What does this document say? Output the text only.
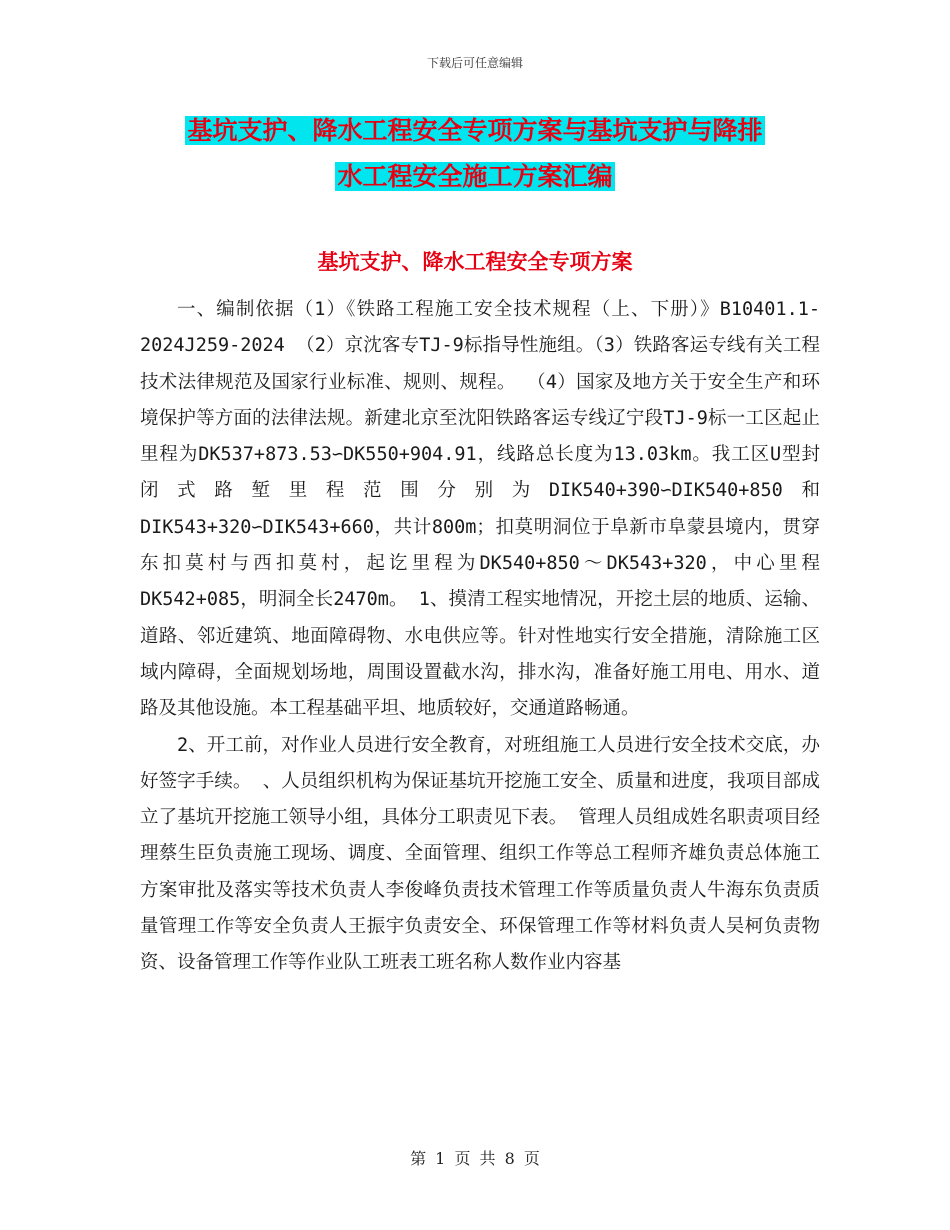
下载后可任意编辑
基坑支护、降水工程安全专项方案与基坑支护与降排
水工程安全施工方案汇编
基坑支护、降水工程安全专项方案

一、编制依据（1）《铁路工程施工安全技术规程（上、下册）》B10401.1-2024J259-2024 （2）京沈客专TJ-9标指导性施组。（3）铁路客运专线有关工程技术法律规范及国家行业标准、规则、规程。 （4）国家及地方关于安全生产和环境保护等方面的法律法规。新建北京至沈阳铁路客运专线辽宁段TJ-9标一工区起止里程为DK537+873.53∽DK550+904.91，线路总长度为13.03km。我工区U型封闭式路堑里程范围分别为DIK540+390∽DIK540+850和DIK543+320∽DIK543+660，共计800m；扣莫明洞位于阜新市阜蒙县境内，贯穿东扣莫村与西扣莫村，起讫里程为DK540+850～DK543+320，中心里程DK542+085，明洞全长2470m。 1、摸清工程实地情况，开挖土层的地质、运输、道路、邻近建筑、地面障碍物、水电供应等。针对性地实行安全措施，清除施工区域内障碍，全面规划场地，周围设置截水沟，排水沟，准备好施工用电、用水、道路及其他设施。本工程基础平坦、地质较好，交通道路畅通。

2、开工前，对作业人员进行安全教育，对班组施工人员进行安全技术交底，办好签字手续。 、人员组织机构为保证基坑开挖施工安全、质量和进度，我项目部成立了基坑开挖施工领导小组，具体分工职责见下表。 管理人员组成姓名职责项目经理蔡生臣负责施工现场、调度、全面管理、组织工作等总工程师齐雄负责总体施工方案审批及落实等技术负责人李俊峰负责技术管理工作等质量负责人牛海东负责质量管理工作等安全负责人王振宇负责安全、环保管理工作等材料负责人吴柯负责物资、设备管理工作等作业队工班表工班名称人数作业内容基

第 1 页 共 8 页
